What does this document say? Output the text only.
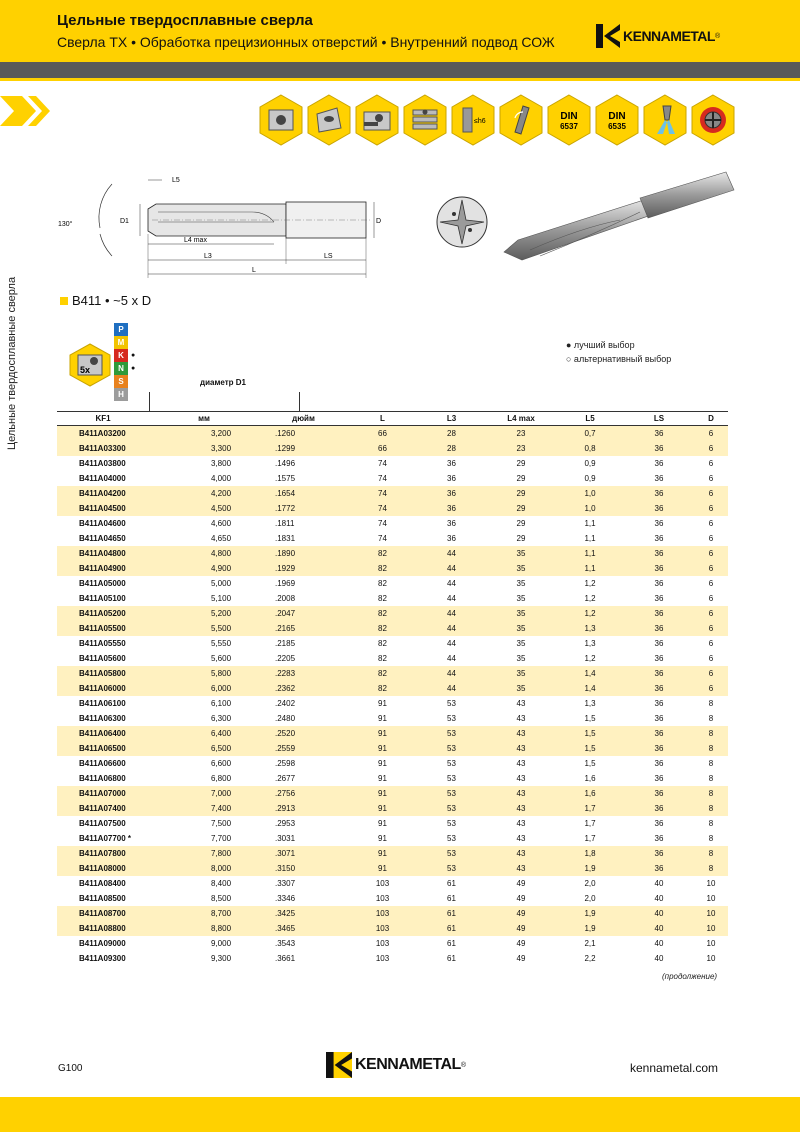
Цельные твердосплавные сверла
Сверла TX • Обработка прецизионных отверстий • Внутренний подвод СОЖ	KENNAMETAL ®
Цельные твердосплавные сверла
≤h6	DIN
6537
DIN
6535
130°	D1
L5
L4 max
L3	LS
L
D
B411 • ~5 x D
5x
P
M
K
N
S
H
●
●
● лучший выбор
○ альтернативный выбор
диаметр D1
KF1	мм	дюйм	L	L3	L4 max	L5	LS	D
B411A03200	3,200	.1260	66	28	23	0,7	36	6
B411A03300	3,300	.1299	66	28	23	0,8	36	6
B411A03800	3,800	.1496	74	36	29	0,9	36	6
B411A04000	4,000	.1575	74	36	29	0,9	36	6
B411A04200	4,200	.1654	74	36	29	1,0	36	6
B411A04500	4,500	.1772	74	36	29	1,0	36	6
B411A04600	4,600	.1811	74	36	29	1,1	36	6
B411A04650	4,650	.1831	74	36	29	1,1	36	6
B411A04800	4,800	.1890	82	44	35	1,1	36	6
B411A04900	4,900	.1929	82	44	35	1,1	36	6
B411A05000	5,000	.1969	82	44	35	1,2	36	6
B411A05100	5,100	.2008	82	44	35	1,2	36	6
B411A05200	5,200	.2047	82	44	35	1,2	36	6
B411A05500	5,500	.2165	82	44	35	1,3	36	6
B411A05550	5,550	.2185	82	44	35	1,3	36	6
B411A05600	5,600	.2205	82	44	35	1,2	36	6
B411A05800	5,800	.2283	82	44	35	1,4	36	6
B411A06000	6,000	.2362	82	44	35	1,4	36	6
B411A06100	6,100	.2402	91	53	43	1,3	36	8
B411A06300	6,300	.2480	91	53	43	1,5	36	8
B411A06400	6,400	.2520	91	53	43	1,5	36	8
B411A06500	6,500	.2559	91	53	43	1,5	36	8
B411A06600	6,600	.2598	91	53	43	1,5	36	8
B411A06800	6,800	.2677	91	53	43	1,6	36	8
B411A07000	7,000	.2756	91	53	43	1,6	36	8
B411A07400	7,400	.2913	91	53	43	1,7	36	8
B411A07500	7,500	.2953	91	53	43	1,7	36	8
B411A07700 *	7,700	.3031	91	53	43	1,7	36	8
B411A07800	7,800	.3071	91	53	43	1,8	36	8
B411A08000	8,000	.3150	91	53	43	1,9	36	8
B411A08400	8,400	.3307	103	61	49	2,0	40	10
B411A08500	8,500	.3346	103	61	49	2,0	40	10
B411A08700	8,700	.3425	103	61	49	1,9	40	10
B411A08800	8,800	.3465	103	61	49	1,9	40	10
B411A09000	9,000	.3543	103	61	49	2,1	40	10
B411A09300	9,300	.3661	103	61	49	2,2	40	10
(продолжение)
G100	KENNAMETAL ®	kennametal.com
